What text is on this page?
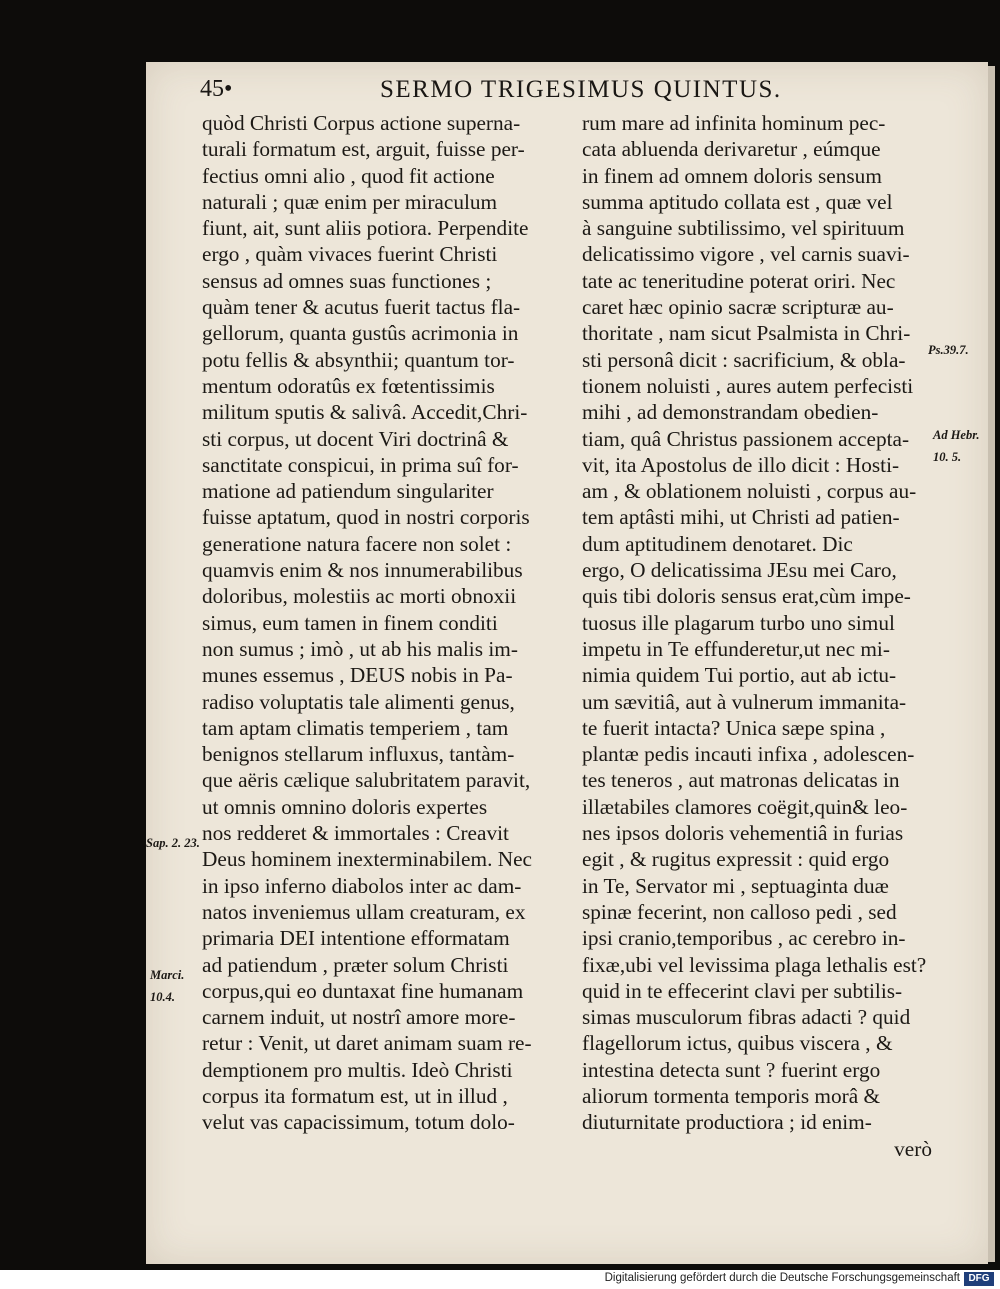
45•	SERMO TRIGESIMUS QUINTUS.
quòd Christi Corpus actione superna-
turali formatum est, arguit, fuisse per-
fectius omni alio , quod fit actione
naturali ; quæ enim per miraculum
fiunt, ait, sunt aliis potiora. Perpendite
ergo , quàm vivaces fuerint Christi
sensus ad omnes suas functiones ;
quàm tener & acutus fuerit tactus fla-
gellorum, quanta gustûs acrimonia in
potu fellis & absynthii; quantum tor-
mentum odoratûs ex fœtentissimis
militum sputis & salivâ. Accedit,Chri-
sti corpus, ut docent Viri doctrinâ &
sanctitate conspicui, in prima suî for-
matione ad patiendum singulariter
fuisse aptatum, quod in nostri corporis
generatione natura facere non solet :
quamvis enim & nos innumerabilibus
doloribus, molestiis ac morti obnoxii
simus, eum tamen in finem conditi
non sumus ; imò , ut ab his malis im-
munes essemus , DEUS nobis in Pa-
radiso voluptatis tale alimenti genus,
tam aptam climatis temperiem , tam
benignos stellarum influxus, tantàm-
que aëris cælique salubritatem paravit,
ut omnis omnino doloris expertes
nos redderet & immortales : Creavit
Deus hominem inexterminabilem. Nec
in ipso inferno diabolos inter ac dam-
natos inveniemus ullam creaturam, ex
primaria DEI intentione efformatam
ad patiendum , præter solum Christi
corpus,qui eo duntaxat fine humanam
carnem induit, ut nostrî amore more-
retur : Venit, ut daret animam suam re-
demptionem pro multis. Ideò Christi
corpus ita formatum est, ut in illud ,
velut vas capacissimum, totum dolo-
rum mare ad infinita hominum pec-
cata abluenda derivaretur , eúmque
in finem ad omnem doloris sensum
summa aptitudo collata est , quæ vel
à sanguine subtilissimo, vel spirituum
delicatissimo vigore , vel carnis suavi-
tate ac teneritudine poterat oriri. Nec
caret hæc opinio sacræ scripturæ au-
thoritate , nam sicut Psalmista in Chri-
sti personâ dicit : sacrificium, & obla-
tionem noluisti , aures autem perfecisti
mihi , ad demonstrandam obedien-
tiam, quâ Christus passionem accepta-
vit, ita Apostolus de illo dicit : Hosti-
am , & oblationem noluisti , corpus au-
tem aptâsti mihi, ut Christi ad patien-
dum aptitudinem denotaret. Dic
ergo, O delicatissima JEsu mei Caro,
quis tibi doloris sensus erat,cùm impe-
tuosus ille plagarum turbo uno simul
impetu in Te effunderetur,ut nec mi-
nimia quidem Tui portio, aut ab ictu-
um sævitiâ, aut à vulnerum immanita-
te fuerit intacta? Unica sæpe spina ,
plantæ pedis incauti infixa , adolescen-
tes teneros , aut matronas delicatas in
illætabiles clamores coëgit,quin& leo-
nes ipsos doloris vehementiâ in furias
egit , & rugitus expressit : quid ergo
in Te, Servator mi , septuaginta duæ
spinæ fecerint, non calloso pedi , sed
ipsi cranio,temporibus , ac cerebro in-
fixæ,ubi vel levissima plaga lethalis est?
quid in te effecerint clavi per subtilis-
simas musculorum fibras adacti ? quid
flagellorum ictus, quibus viscera , &
intestina detecta sunt ? fuerint ergo
aliorum tormenta temporis morâ &
diuturnitate productiora ; id enim-
verò
Ps.39.7.
Ad Hebr.
10. 5.
Sap. 2. 23.
Marci.
10.4.
Digitalisierung gefördert durch die Deutsche Forschungsgemeinschaft DFG
